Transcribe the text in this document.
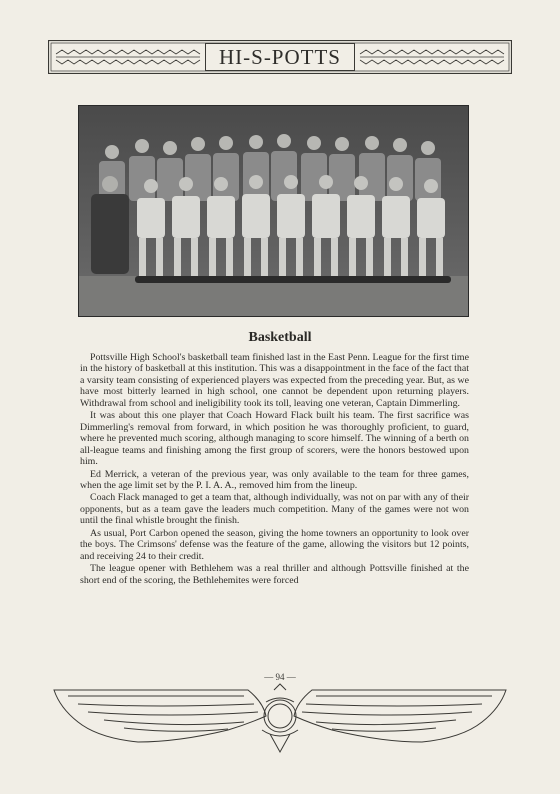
HI-S-POTTS
Basketball

Pottsville High School's basketball team finished last in the East Penn. League for the first time in the history of basketball at this institution. This was a disappointment in the face of the fact that a varsity team consisting of experienced players was expected from the preceding year. But, as we have most bitterly learned in high school, one cannot be dependent upon returning players. Withdrawal from school and ineligibility took its toll, leaving one veteran, Captain Dimmerling.

It was about this one player that Coach Howard Flack built his team. The first sacrifice was Dimmerling's removal from forward, in which position he was thoroughly proficient, to guard, where he prevented much scoring, although managing to score himself. The winning of a berth on all-league teams and finishing among the first group of scorers, were the honors bestowed upon him.

Ed Merrick, a veteran of the previous year, was only available to the team for three games, when the age limit set by the P. I. A. A., removed him from the lineup.

Coach Flack managed to get a team that, although individually, was not on par with any of their opponents, but as a team gave the leaders much competition. Many of the games were not won until the final whistle brought the finish.

As usual, Port Carbon opened the season, giving the home towners an opportunity to look over the boys. The Crimsons' defense was the feature of the game, allowing the visitors but 12 points, and receiving 24 to their credit.

The league opener with Bethlehem was a real thriller and although Pottsville finished at the short end of the scoring, the Bethlehemites were forced

— 94 —
